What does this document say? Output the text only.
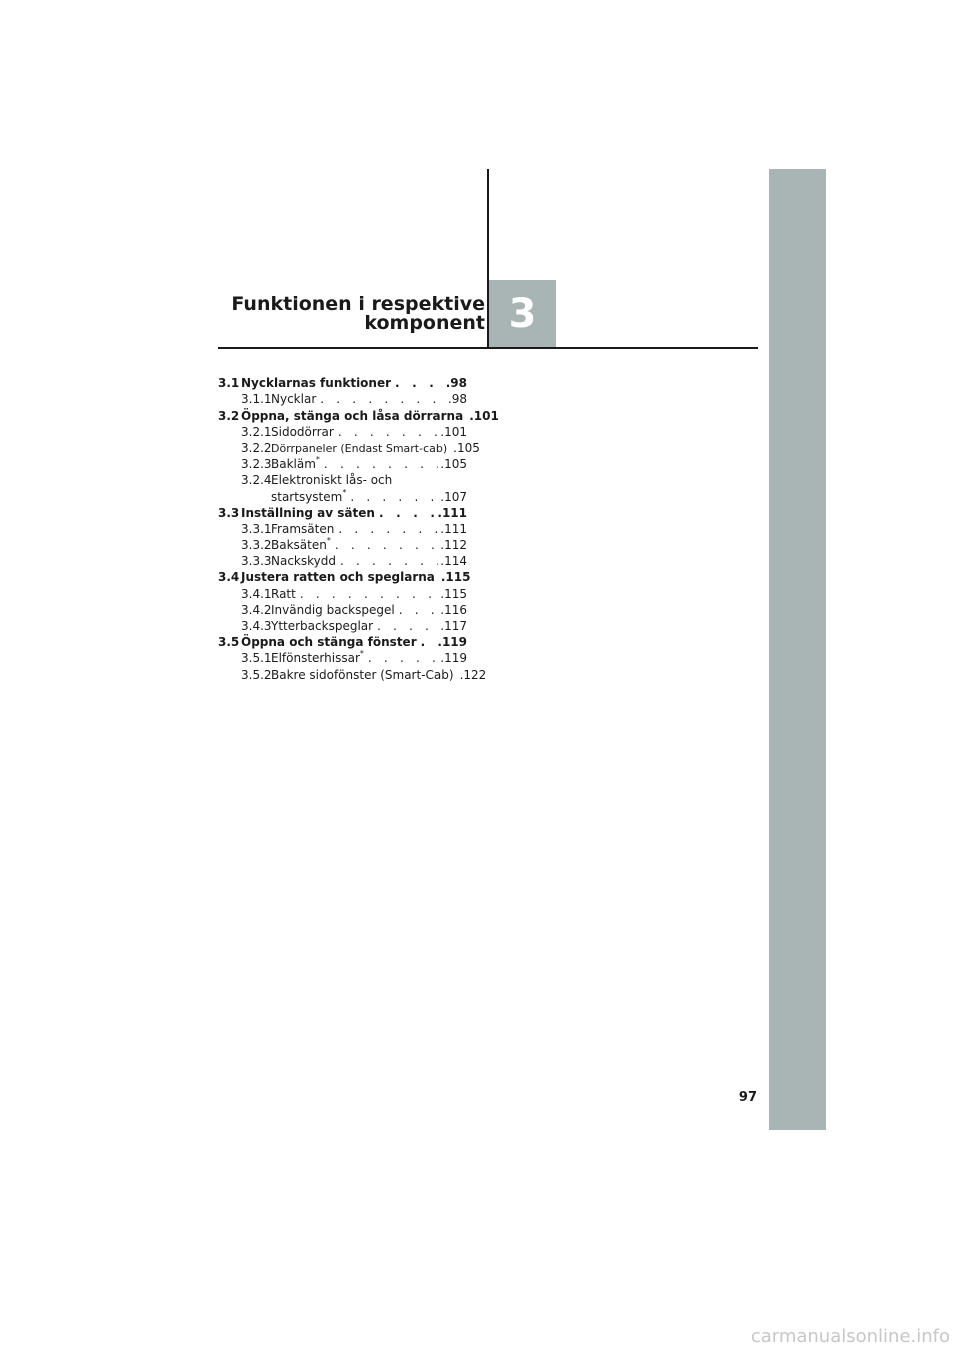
Funktionen i respektive
komponent 3
3.1 Nycklarnas funktioner . . .	.98
3.1.1 Nycklar . . .	.98
3.2 Öppna, stänga och låsa dörrarna . . . .101
3.2.1 Sidodörrar . . .	.101
3.2.2 Dörrpaneler (Endast Smart-cab) . . . .105
3.2.3 Bakläm* . . .	.105
3.2.4 Elektroniskt lås- och
startsystem* . . .	.107
3.3 Inställning av säten . . .	.111
3.3.1 Framsäten . . .	.111
3.3.2 Baksäten* . . .	.112
3.3.3 Nackskydd . . .	.114
3.4 Justera ratten och speglarna . . . .115
3.4.1 Ratt . . .	.115
3.4.2 Invändig backspegel . . .	.116
3.4.3 Ytterbackspeglar . . .	.117
3.5 Öppna och stänga fönster . . . .119
3.5.1 Elfönsterhissar* . . .	.119
3.5.2 Bakre sidofönster (Smart-Cab) . . . .122
97
carmanualsonline.info
